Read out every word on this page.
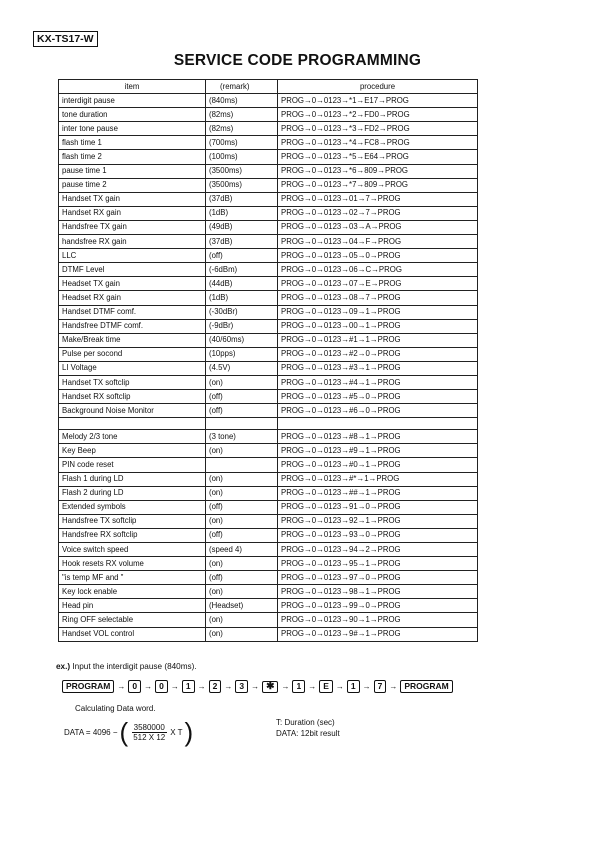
KX-TS17-W
SERVICE CODE PROGRAMMING
item	(remark)	procedure
interdigit pause	(840ms)	PROG→0→0123→*1→E17→PROG
tone duration	(82ms)	PROG→0→0123→*2→FD0→PROG
inter tone pause	(82ms)	PROG→0→0123→*3→FD2→PROG
flash time 1	(700ms)	PROG→0→0123→*4→FC8→PROG
flash time 2	(100ms)	PROG→0→0123→*5→E64→PROG
pause time 1	(3500ms)	PROG→0→0123→*6→809→PROG
pause time 2	(3500ms)	PROG→0→0123→*7→809→PROG
Handset TX gain	(37dB)	PROG→0→0123→01→7→PROG
Handset RX gain	(1dB)	PROG→0→0123→02→7→PROG
Handsfree TX gain	(49dB)	PROG→0→0123→03→A→PROG
handsfree RX gain	(37dB)	PROG→0→0123→04→F→PROG
LLC	(off)	PROG→0→0123→05→0→PROG
DTMF Level	(-6dBm)	PROG→0→0123→06→C→PROG
Headset TX gain	(44dB)	PROG→0→0123→07→E→PROG
Headset RX gain	(1dB)	PROG→0→0123→08→7→PROG
Handset DTMF comf.	(-30dBr)	PROG→0→0123→09→1→PROG
Handsfree DTMF comf.	(-9dBr)	PROG→0→0123→00→1→PROG
Make/Break time	(40/60ms)	PROG→0→0123→#1→1→PROG
Pulse per socond	(10pps)	PROG→0→0123→#2→0→PROG
LI Voltage	(4.5V)	PROG→0→0123→#3→1→PROG
Handset TX softclip	(on)	PROG→0→0123→#4→1→PROG
Handset RX softclip	(off)	PROG→0→0123→#5→0→PROG
Background Noise Monitor	(off)	PROG→0→0123→#6→0→PROG

Melody 2/3 tone	(3 tone)	PROG→0→0123→#8→1→PROG
Key Beep	(on)	PROG→0→0123→#9→1→PROG
PIN code reset		PROG→0→0123→#0→1→PROG
Flash 1 during LD	(on)	PROG→0→0123→#*→1→PROG
Flash 2 during LD	(on)	PROG→0→0123→##→1→PROG
Extended symbols	(off)	PROG→0→0123→91→0→PROG
Handsfree TX softclip	(on)	PROG→0→0123→92→1→PROG
Handsfree RX softclip	(off)	PROG→0→0123→93→0→PROG
Voice switch speed	(speed 4)	PROG→0→0123→94→2→PROG
Hook resets RX volume	(on)	PROG→0→0123→95→1→PROG
"is temp MF and "	(off)	PROG→0→0123→97→0→PROG
Key lock enable	(on)	PROG→0→0123→98→1→PROG
Head pin	(Headset)	PROG→0→0123→99→0→PROG
Ring OFF selectable	(on)	PROG→0→0123→90→1→PROG
Handset VOL control	(on)	PROG→0→0123→9#→1→PROG
ex.) Input the interdigit pause (840ms).
PROGRAM → 0 → 0 → 1 → 2 → 3 → ✱ → 1 → E → 1 → 7 → PROGRAM
Calculating Data word.
DATA = 4096 − ( $\frac{3580000}{512 X 12}$ X T )	T: Duration (sec)
DATA: 12bit result
